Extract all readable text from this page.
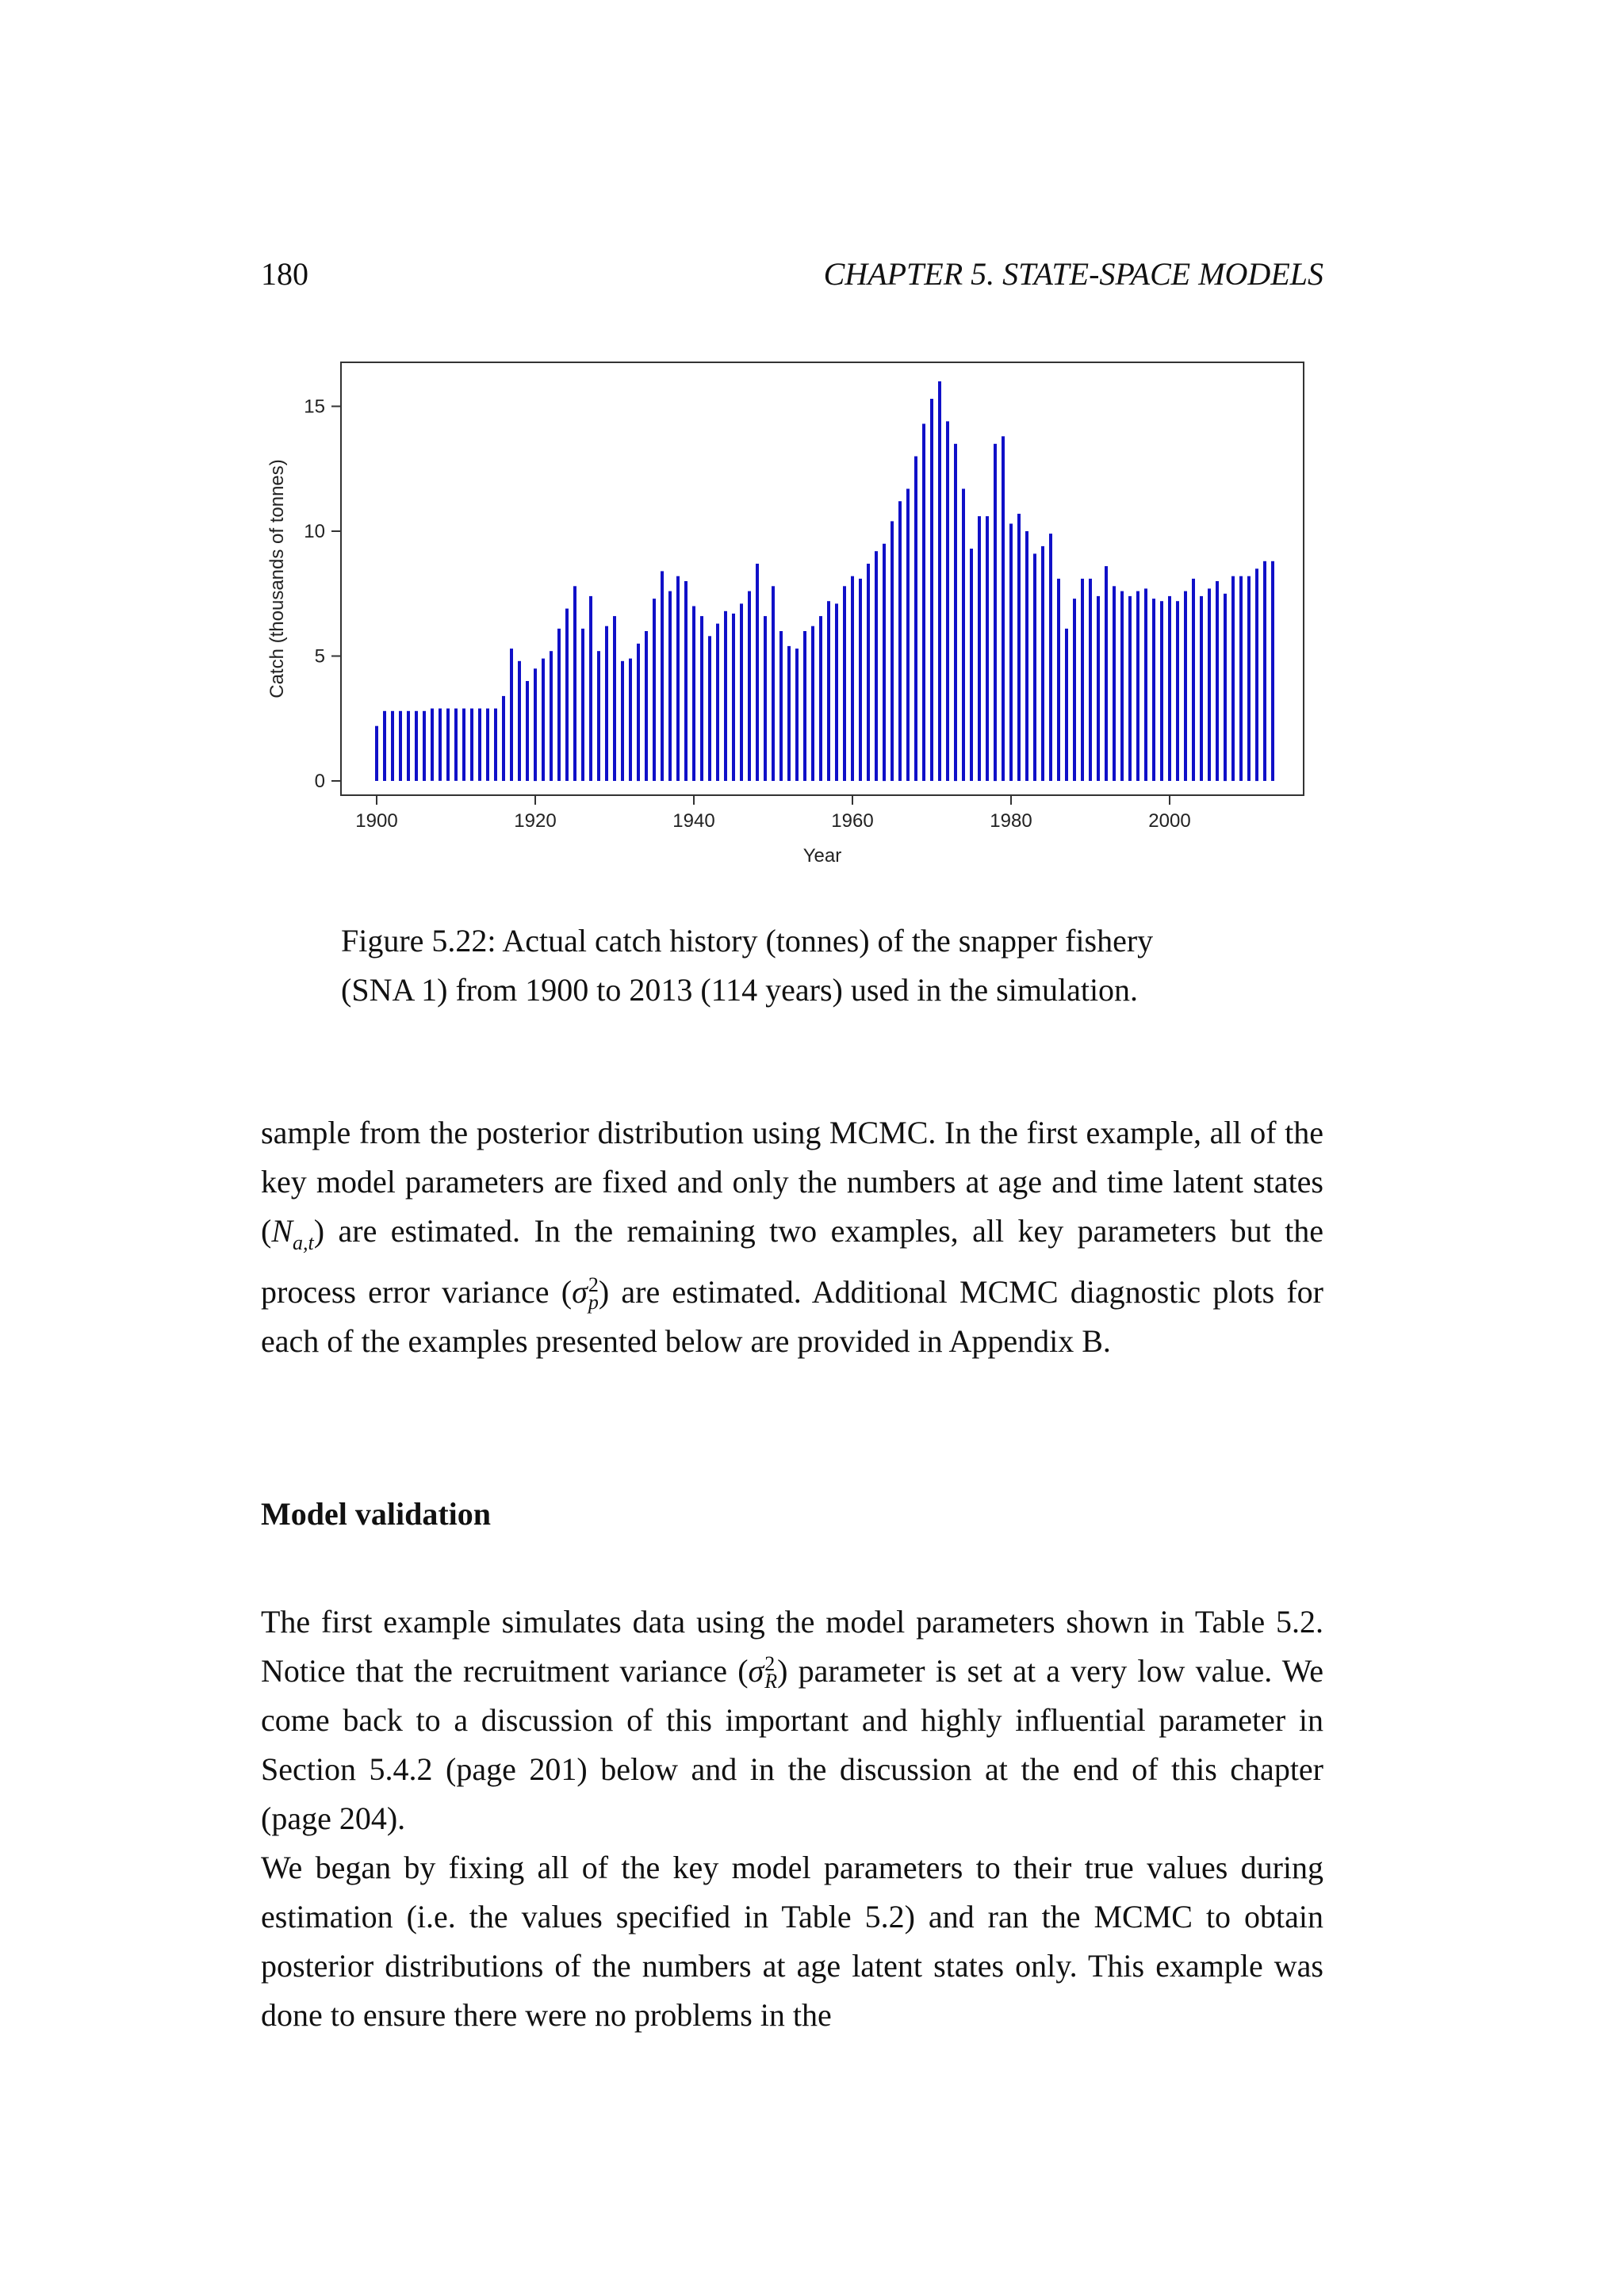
180	CHAPTER 5. STATE-SPACE MODELS
0
5
10
15
1900	1920	1940	1960	1980	2000
Year
Catch (thousands of tonnes)
Figure 5.22: Actual catch history (tonnes) of the snapper fishery
(SNA 1) from 1900 to 2013 (114 years) used in the simulation.
sample from the posterior distribution using MCMC. In the first example, all of the key model parameters are fixed and only the numbers at age and time latent states $(N_{a,t})$ are estimated. In the remaining two examples, all key parameters but the process error variance (σ 2
p ) are estimated. Additional MCMC diagnostic plots for each of the examples presented below are provided in Appendix B.
Model validation
The first example simulates data using the model parameters shown in Table 5.2. Notice that the recruitment variance (σ 2
R ) parameter is set at a very low value. We come back to a discussion of this important and highly influential parameter in Section 5.4.2 (page 201) below and in the discussion at the end of this chapter (page 204).
We began by fixing all of the key model parameters to their true values during estimation (i.e. the values specified in Table 5.2) and ran the MCMC to obtain posterior distributions of the numbers at age latent states only. This example was done to ensure there were no problems in the
